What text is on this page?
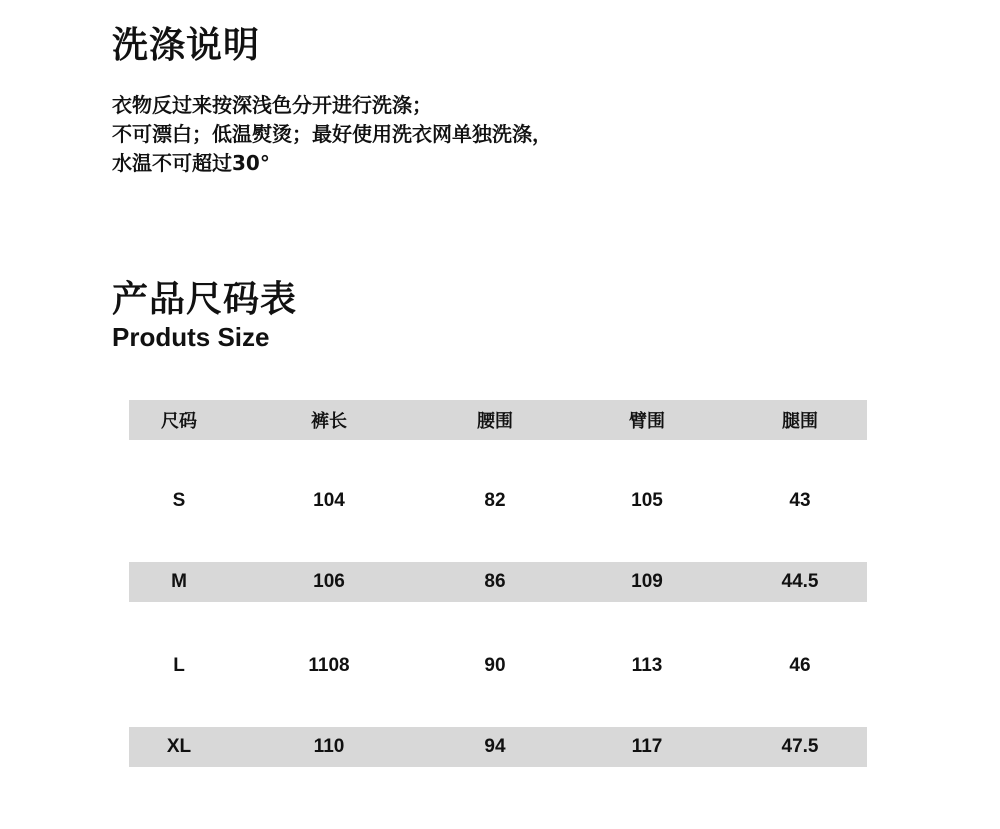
洗涤说明
衣物反过来按深浅色分开进行洗涤；
不可漂白；低温熨烫；最好使用洗衣网单独洗涤，
水温不可超过30°
产品尺码表

Produts Size

尺码	裤长	腰围	臂围	腿围
S	104	82	105	43
M	106	86	109	44.5
L	1108	90	113	46
XL	110	94	117	47.5
